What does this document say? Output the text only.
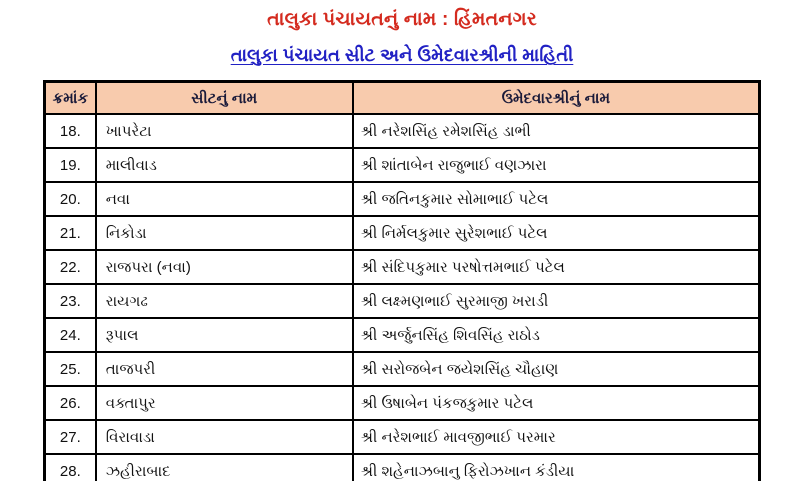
તાલુકા પંચાયતનું નામ : હિંમતનગર
તાલુકા પંચાયત સીટ અને ઉમેદવારશ્રીની માહિતી
ક્રમાંક	સીટનું નામ	ઉમેદવારશ્રીનું નામ
18.	ખાપરેટા	શ્રી નરેશસિંહ રમેશસિંહ ડાભી
19.	માલીવાડ	શ્રી શાંતાબેન રાજુભાઈ વણઝારા
20.	નવા	શ્રી જતિનકુમાર સોમાભાઈ પટેલ
21.	નિકોડા	શ્રી નિર્મલકુમાર સુરેશભાઈ પટેલ
22.	રાજપરા (નવા)	શ્રી સંદિપકુમાર પરષોત્તમભાઈ પટેલ
23.	રાયગઢ	શ્રી લક્ષ્મણભાઈ સુરમાજી ખરાડી
24.	રૂપાલ	શ્રી અર્જુનસિંહ શિવસિંહ રાઠોડ
25.	તાજપરી	શ્રી સરોજબેન જયેશસિંહ ચૌહાણ
26.	વક્તાપુર	શ્રી ઉષાબેન પંકજકુમાર પટેલ
27.	વિરાવાડા	શ્રી નરેશભાઈ માવજીભાઈ પરમાર
28.	ઝહીરાબાદ	શ્રી શહેનાઝબાનુ ફિરોઝખાન કંડીયા
